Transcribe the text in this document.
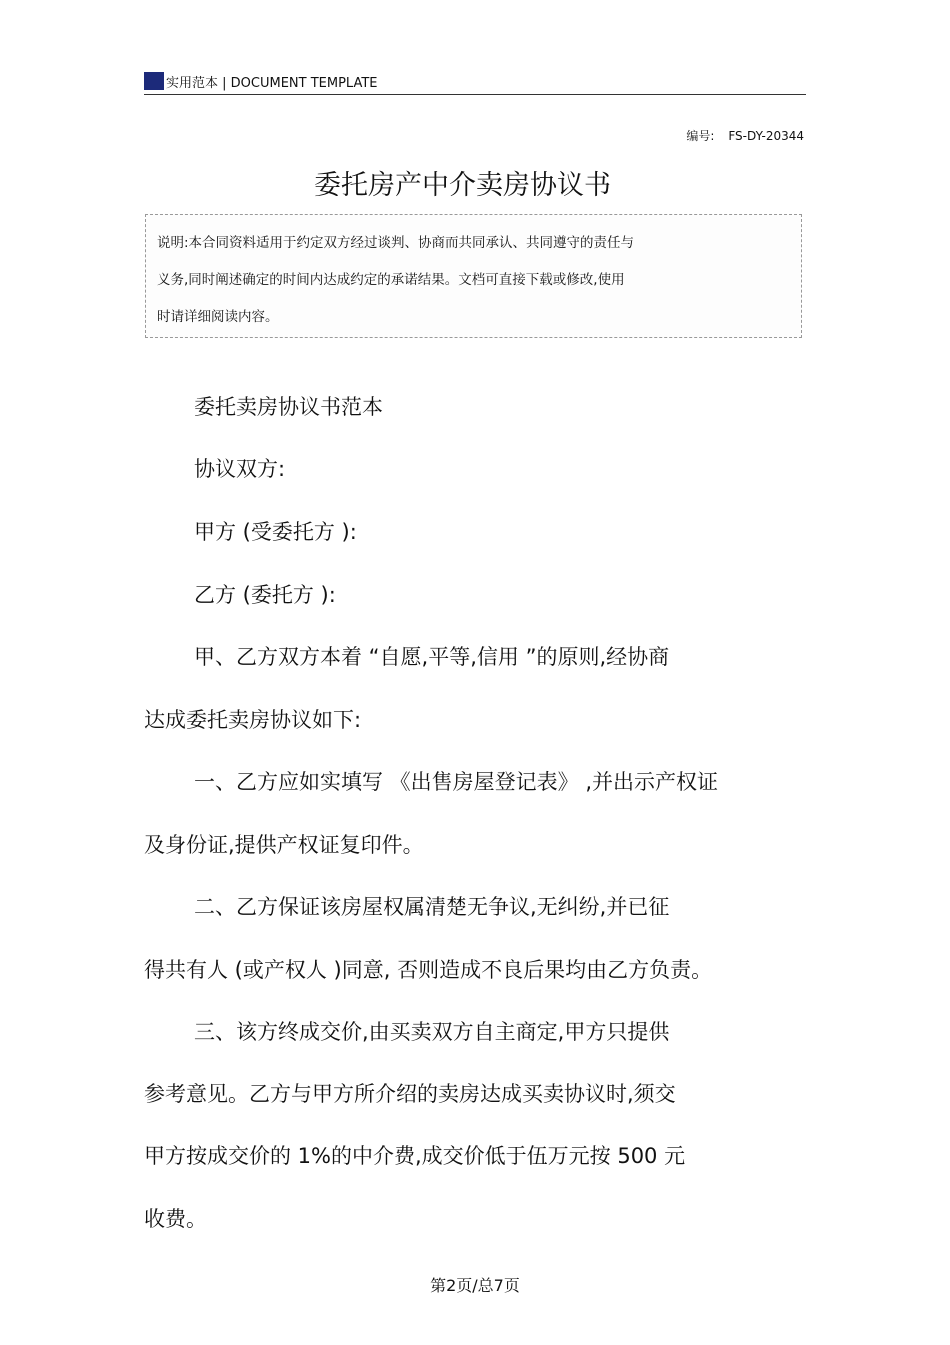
实用范本 | DOCUMENT TEMPLATE
编号: FS-DY-20344
委托房产中介卖房协议书
说明:本合同资料适用于约定双方经过谈判、协商而共同承认、共同遵守的责任与
义务,同时阐述确定的时间内达成约定的承诺结果。文档可直接下载或修改,使用
时请详细阅读内容。
委托卖房协议书范本
协议双方:
甲方 (受委托方 ):
乙方 (委托方 ):
甲、乙方双方本着 “自愿,平等,信用 ”的原则,经协商
达成委托卖房协议如下:
一、乙方应如实填写 《出售房屋登记表》 ,并出示产权证
及身份证,提供产权证复印件。
二、乙方保证该房屋权属清楚无争议,无纠纷,并已征
得共有人 (或产权人 )同意, 否则造成不良后果均由乙方负责。
三、该方终成交价,由买卖双方自主商定,甲方只提供
参考意见。乙方与甲方所介绍的卖房达成买卖协议时,须交
甲方按成交价的 1%的中介费,成交价低于伍万元按 500 元
收费。
第2页/总7页
